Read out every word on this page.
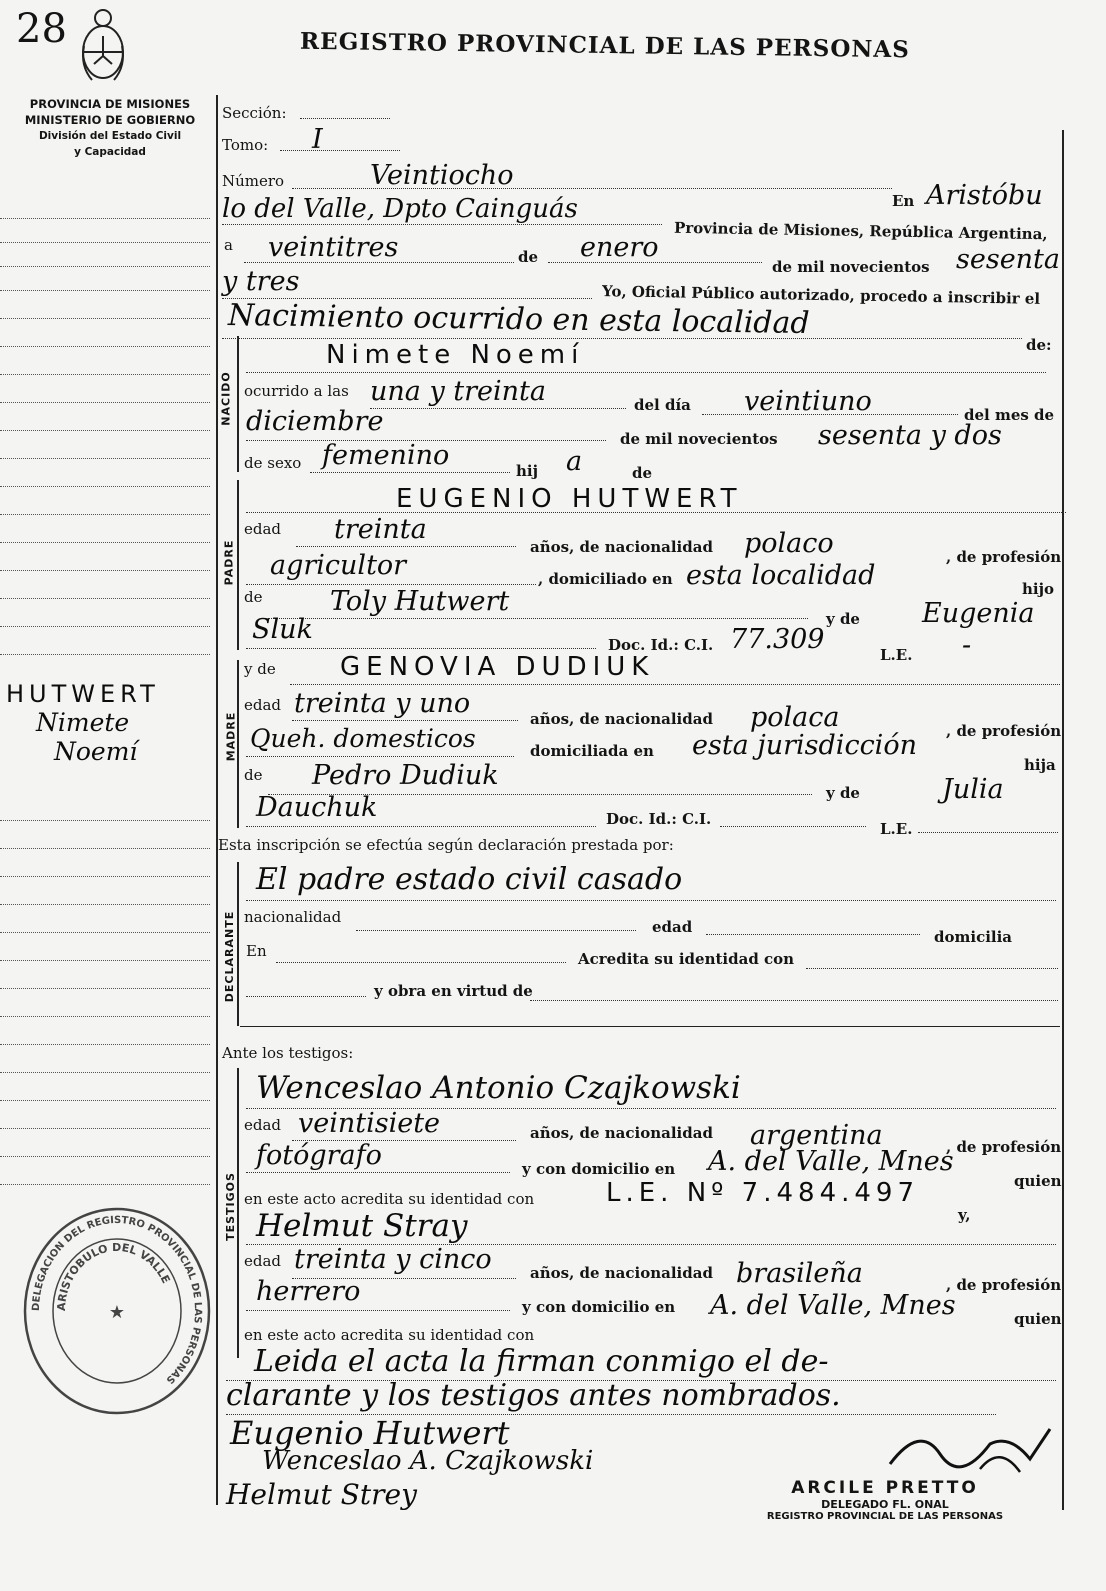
28	REGISTRO PROVINCIAL DE LAS PERSONAS
PROVINCIA DE MISIONES
MINISTERIO DE GOBIERNO
División del Estado Civil
y Capacidad
HUTWERT
Nimete
Noemí
NACIDO
PADRE
MADRE
DECLARANTE
TESTIGOS
Sección:
Tomo: I
Número	Veintiocho
En Aristóbu
lo del Valle, Dpto Cainguás
Provincia de Misiones, República Argentina,
a veintitres	de enero
de mil novecientos sesenta
y tres	Yo, Oficial Público autorizado, procedo a inscribir el
Nacimiento ocurrido en esta localidad
de:
Nimete Noemí
ocurrido a las una y treinta	del día veintiuno	del mes de
diciembre
de mil novecientos sesenta y dos
de sexo femenino	hij a	de
EUGENIO HUTWERT
edad treinta
años, de nacionalidad polaco	, de profesión
agricultor	, domiciliado en esta localidad	hijo
de	Toly Hutwert
y de Eugenia
Sluk	Doc. Id.: C.I. 77.309	L.E. -
y de GENOVIA DUDIUK
edad treinta y uno	años, de nacionalidad polaca	, de profesión
Queh. domesticos	domiciliada en esta jurisdicción
hija
de Pedro Dudiuk
y de	Julia
Dauchuk	Doc. Id.: C.I.
L.E.
Esta inscripción se efectúa según declaración prestada por:
El padre estado civil casado
nacionalidad
edad
domicilia
En	Acredita su identidad con
y obra en virtud de
Ante los testigos:
Wenceslao Antonio Czajkowski
edad veintisiete	años, de nacionalidad argentina	, de profesión
fotógrafo	y con domicilio en A. del Valle, Mnes
quien
en este acto acredita su identidad con	L.E. Nº 7.484.497
y,
Helmut Stray
edad treinta y cinco	años, de nacionalidad brasileña	, de profesión
herrero	y con domicilio en A. del Valle, Mnes	quien
en este acto acredita su identidad con
Leida el acta la firman conmigo el de-
clarante y los testigos antes nombrados.
Eugenio Hutwert
Wenceslao A. Czajkowski
Helmut Strey	ARCILE PRETTO
DELEGADO FL. ONAL
REGISTRO PROVINCIAL DE LAS PERSONAS
DELEGACION DEL REGISTRO PROVINCIAL DE LAS PERSONAS
ARISTOBULO DEL VALLE
★
